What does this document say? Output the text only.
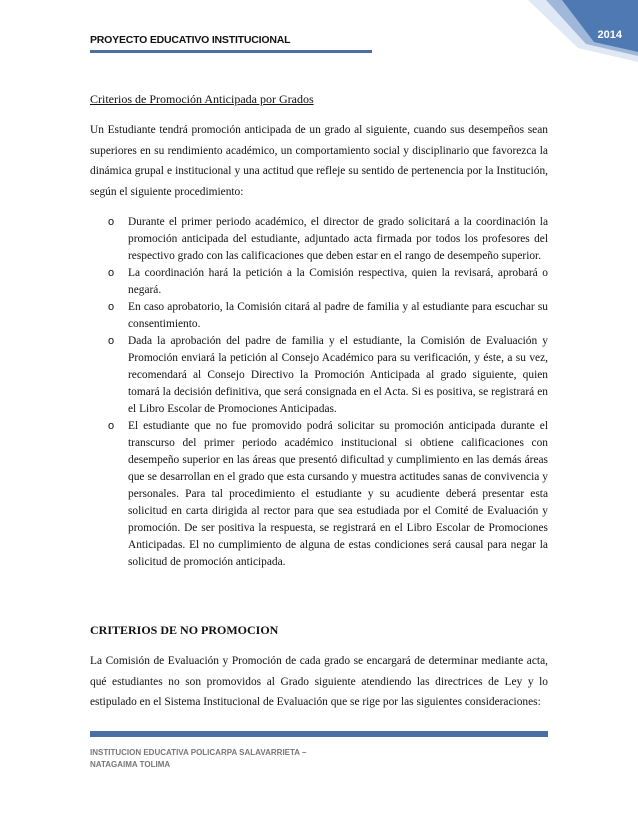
PROYECTO EDUCATIVO INSTITUCIONAL	2014
Criterios de Promoción Anticipada por Grados

Un Estudiante tendrá promoción anticipada de un grado al siguiente, cuando sus desempeños sean superiores en su rendimiento académico, un comportamiento social y disciplinario que favorezca la dinámica grupal e institucional y una actitud que refleje su sentido de pertenencia por la Institución, según el siguiente procedimiento:

o Durante el primer periodo académico, el director de grado solicitará a la coordinación la promoción anticipada del estudiante, adjuntado acta firmada por todos los profesores del respectivo grado con las calificaciones que deben estar en el rango de desempeño superior.
o La coordinación hará la petición a la Comisión respectiva, quien la revisará, aprobará o negará.
o En caso aprobatorio, la Comisión citará al padre de familia y al estudiante para escuchar su consentimiento.
o Dada la aprobación del padre de familia y el estudiante, la Comisión de Evaluación y Promoción enviará la petición al Consejo Académico para su verificación, y éste, a su vez, recomendará al Consejo Directivo la Promoción Anticipada al grado siguiente, quien tomará la decisión definitiva, que será consignada en el Acta. Si es positiva, se registrará en el Libro Escolar de Promociones Anticipadas.
o El estudiante que no fue promovido podrá solicitar su promoción anticipada durante el transcurso del primer periodo académico institucional si obtiene calificaciones con desempeño superior en las áreas que presentó dificultad y cumplimiento en las demás áreas que se desarrollan en el grado que esta cursando y muestra actitudes sanas de convivencia y personales. Para tal procedimiento el estudiante y su acudiente deberá presentar esta solicitud en carta dirigida al rector para que sea estudiada por el Comité de Evaluación y promoción. De ser positiva la respuesta, se registrará en el Libro Escolar de Promociones Anticipadas. El no cumplimiento de alguna de estas condiciones será causal para negar la solicitud de promoción anticipada.
CRITERIOS DE NO PROMOCION

La Comisión de Evaluación y Promoción de cada grado se encargará de determinar mediante acta, qué estudiantes no son promovidos al Grado siguiente atendiendo las directrices de Ley y lo estipulado en el Sistema Institucional de Evaluación que se rige por las siguientes consideraciones:

INSTITUCION EDUCATIVA POLICARPA SALAVARRIETA –
NATAGAIMA TOLIMA
